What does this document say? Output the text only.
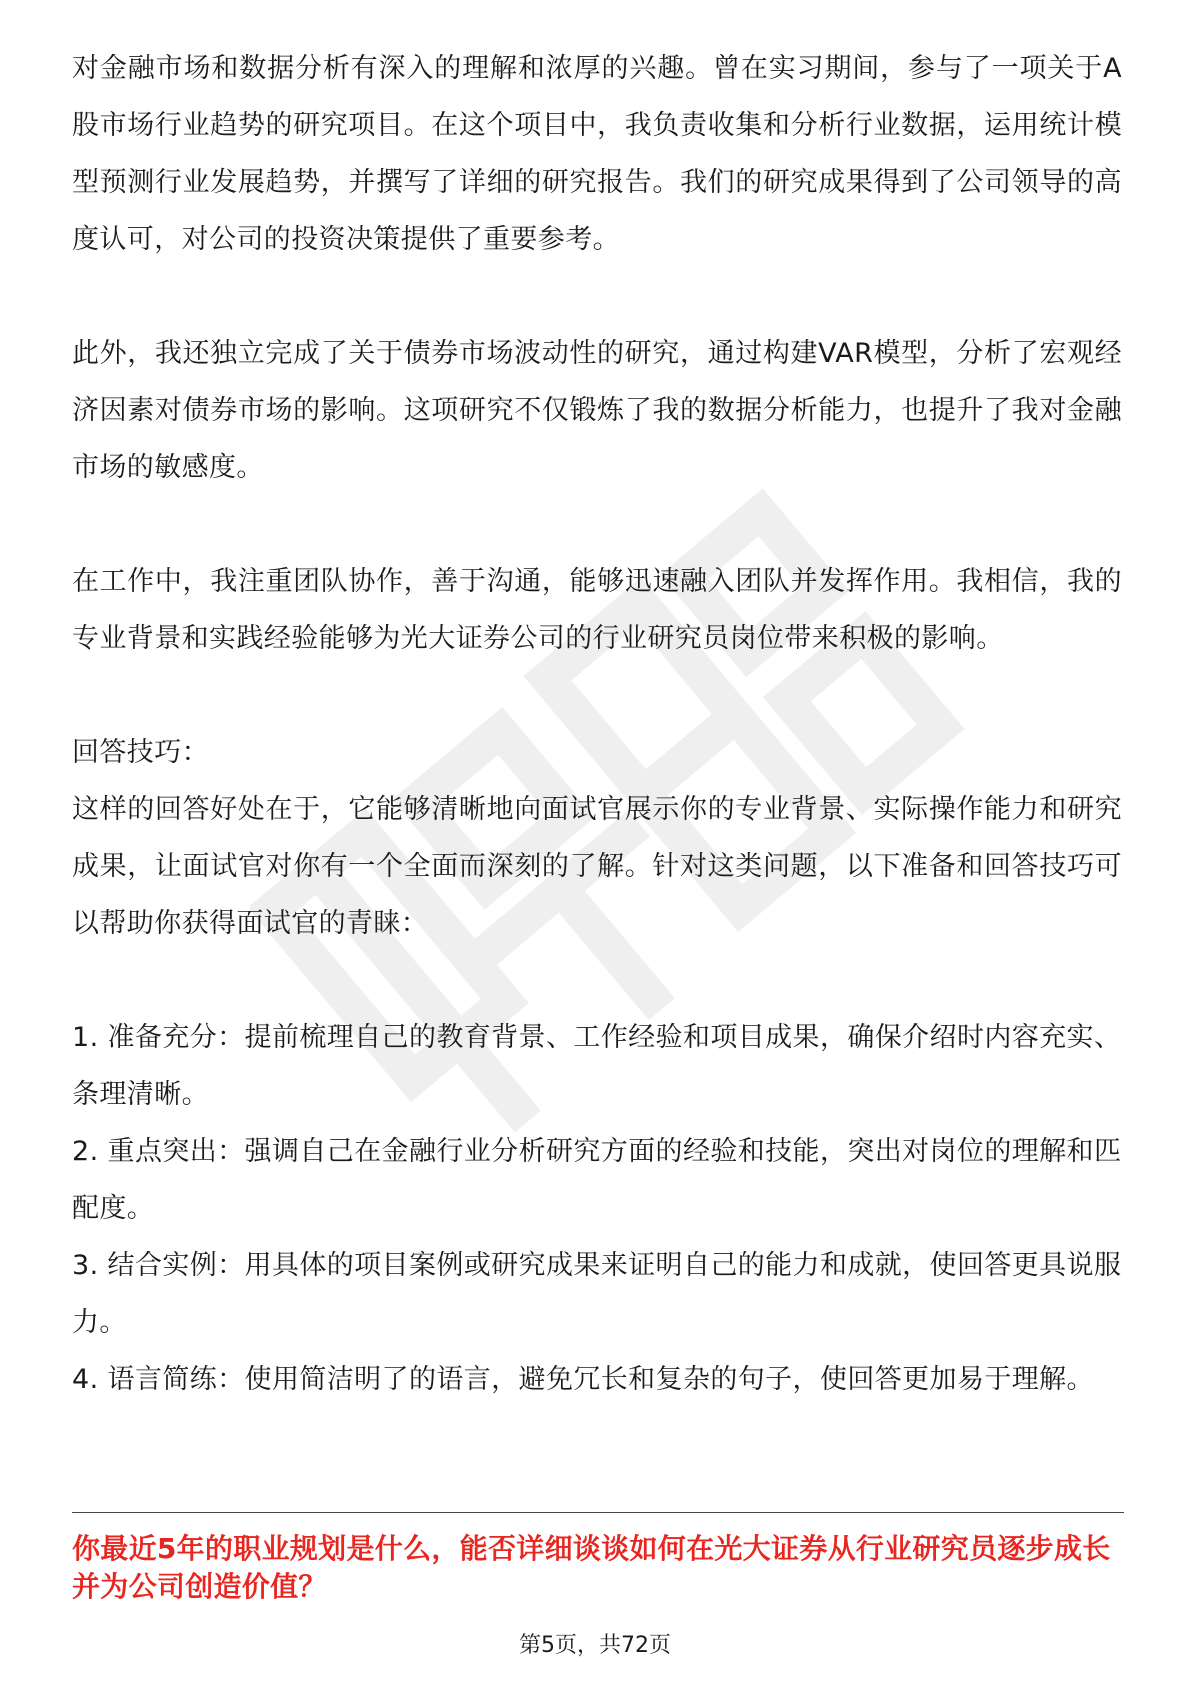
对金融市场和数据分析有深入的理解和浓厚的兴趣。曾在实习期间，参与了一项关于A股市场行业趋势的研究项目。在这个项目中，我负责收集和分析行业数据，运用统计模型预测行业发展趋势，并撰写了详细的研究报告。我们的研究成果得到了公司领导的高度认可，对公司的投资决策提供了重要参考。

此外，我还独立完成了关于债券市场波动性的研究，通过构建VAR模型，分析了宏观经济因素对债券市场的影响。这项研究不仅锻炼了我的数据分析能力，也提升了我对金融市场的敏感度。

在工作中，我注重团队协作，善于沟通，能够迅速融入团队并发挥作用。我相信，我的专业背景和实践经验能够为光大证券公司的行业研究员岗位带来积极的影响。

回答技巧：

这样的回答好处在于，它能够清晰地向面试官展示你的专业背景、实际操作能力和研究成果，让面试官对你有一个全面而深刻的了解。针对这类问题，以下准备和回答技巧可以帮助你获得面试官的青睐：

1. 准备充分：提前梳理自己的教育背景、工作经验和项目成果，确保介绍时内容充实、条理清晰。

2. 重点突出：强调自己在金融行业分析研究方面的经验和技能，突出对岗位的理解和匹配度。

3. 结合实例：用具体的项目案例或研究成果来证明自己的能力和成就，使回答更具说服力。

4. 语言简练：使用简洁明了的语言，避免冗长和复杂的句子，使回答更加易于理解。

你最近5年的职业规划是什么，能否详细谈谈如何在光大证券从行业研究员逐步成长并为公司创造价值？

第5页，共72页
